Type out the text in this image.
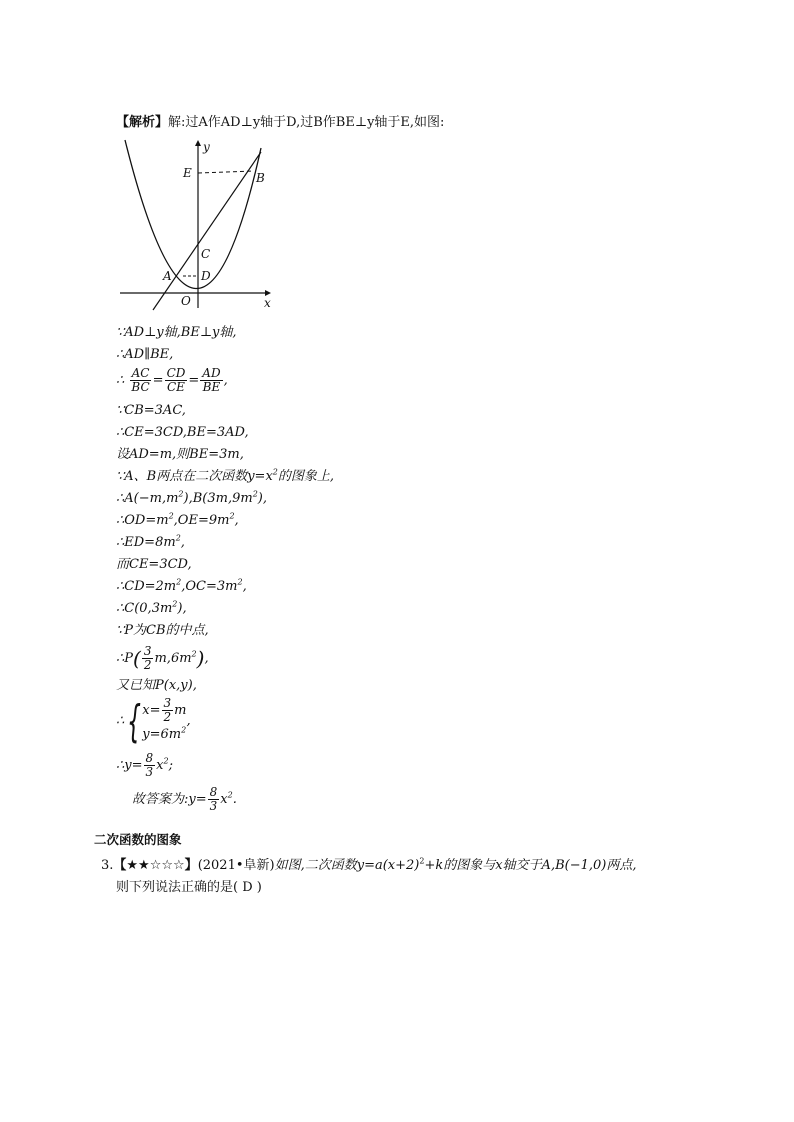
【解析】解:过A作AD⊥y轴于D,过B作BE⊥y轴于E,如图:
y
x
E	B
C
A D
O
∵AD⊥y轴,BE⊥y轴,
∴AD∥BE,
∴ $\frac{AC}{BC} = \frac{CD}{CE} = \frac{AD}{BE}$ ,
∵CB=3AC,
∴CE=3CD,BE=3AD,
设AD=m,则BE=3m,
∵A、B两点在二次函数$y=x^2$的图象上,
$\therefore A(-m,m^2),B(3m,9m^2)$,
$\therefore OD=m^2,OE=9m^2$,
$\therefore ED=8m^2$,
而CE=3CD,
$\therefore CD=2m^2,OC=3m^2$,
$\therefore C(0,3m^2)$,
∵P为CB的中点,
∴P( $\frac{3}{2} m,6m^2$),
又已知P(x,y),
∴{ $x= \frac{3}{2}$ m
$y=6m^2$
,
∴y= $\frac{8}{3} x^2$;
故答案为:y= $\frac{8}{3} x^2$.
二次函数的图象
3.【★★☆☆☆】(2021•阜新)如图,二次函数$y=a(x+2)^2+k$的图象与x轴交于A,B(−1,0)两点,
则下列说法正确的是( D )
